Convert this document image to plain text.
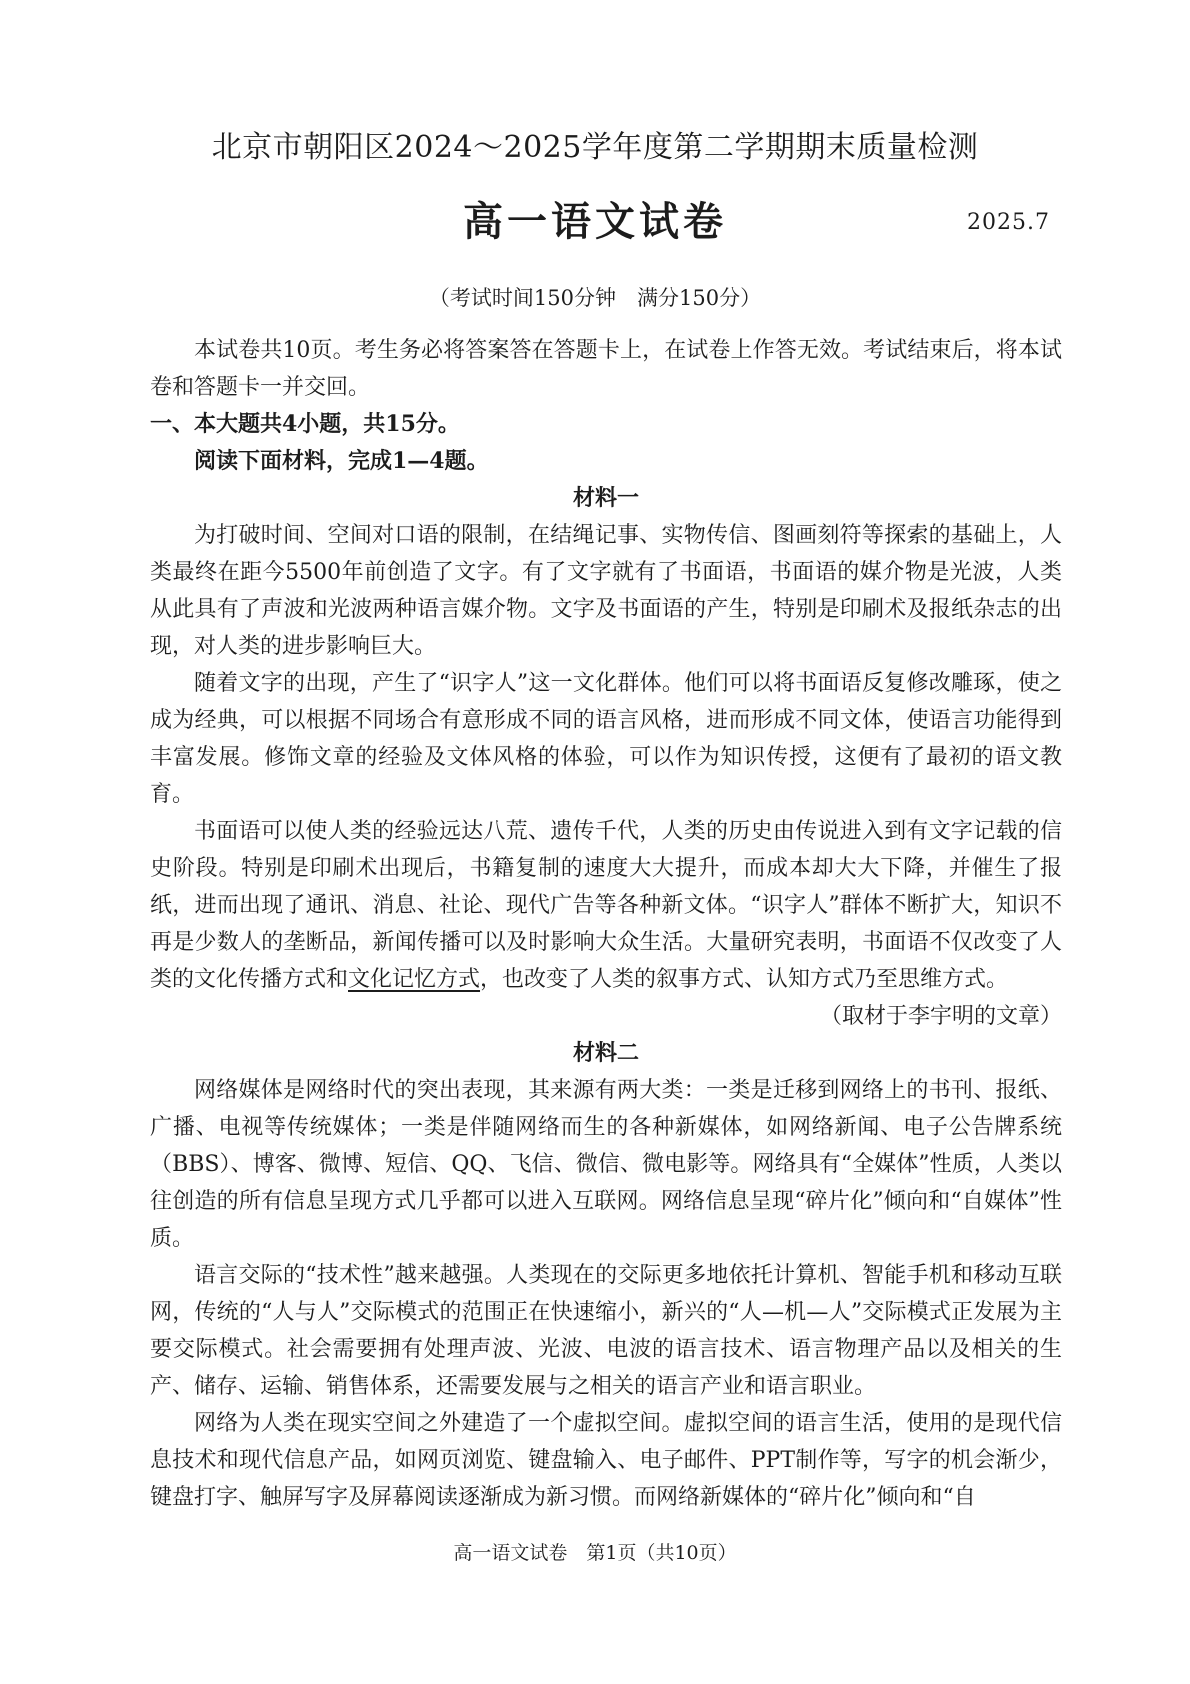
北京市朝阳区2024～2025学年度第二学期期末质量检测
高一语文试卷	2025.7
（考试时间150分钟　满分150分）

本试卷共10页。考生务必将答案答在答题卡上，在试卷上作答无效。考试结束后，将本试卷和答题卡一并交回。

一、本大题共4小题，共15分。
阅读下面材料，完成1—4题。
材料一

为打破时间、空间对口语的限制，在结绳记事、实物传信、图画刻符等探索的基础上，人类最终在距今5500年前创造了文字。有了文字就有了书面语，书面语的媒介物是光波，人类从此具有了声波和光波两种语言媒介物。文字及书面语的产生，特别是印刷术及报纸杂志的出现，对人类的进步影响巨大。

随着文字的出现，产生了“识字人”这一文化群体。他们可以将书面语反复修改雕琢，使之成为经典，可以根据不同场合有意形成不同的语言风格，进而形成不同文体，使语言功能得到丰富发展。修饰文章的经验及文体风格的体验，可以作为知识传授，这便有了最初的语文教育。

书面语可以使人类的经验远达八荒、遗传千代，人类的历史由传说进入到有文字记载的信史阶段。特别是印刷术出现后，书籍复制的速度大大提升，而成本却大大下降，并催生了报纸，进而出现了通讯、消息、社论、现代广告等各种新文体。“识字人”群体不断扩大，知识不再是少数人的垄断品，新闻传播可以及时影响大众生活。大量研究表明，书面语不仅改变了人类的文化传播方式和文化记忆方式，也改变了人类的叙事方式、认知方式乃至思维方式。

（取材于李宇明的文章）
材料二

网络媒体是网络时代的突出表现，其来源有两大类：一类是迁移到网络上的书刊、报纸、广播、电视等传统媒体；一类是伴随网络而生的各种新媒体，如网络新闻、电子公告牌系统（BBS）、博客、微博、短信、QQ、飞信、微信、微电影等。网络具有“全媒体”性质，人类以往创造的所有信息呈现方式几乎都可以进入互联网。网络信息呈现“碎片化”倾向和“自媒体”性质。

语言交际的“技术性”越来越强。人类现在的交际更多地依托计算机、智能手机和移动互联网，传统的“人与人”交际模式的范围正在快速缩小，新兴的“人—机—人”交际模式正发展为主要交际模式。社会需要拥有处理声波、光波、电波的语言技术、语言物理产品以及相关的生产、储存、运输、销售体系，还需要发展与之相关的语言产业和语言职业。

网络为人类在现实空间之外建造了一个虚拟空间。虚拟空间的语言生活，使用的是现代信息技术和现代信息产品，如网页浏览、键盘输入、电子邮件、PPT制作等，写字的机会渐少，键盘打字、触屏写字及屏幕阅读逐渐成为新习惯。而网络新媒体的“碎片化”倾向和“自

高一语文试卷　第1页（共10页）
